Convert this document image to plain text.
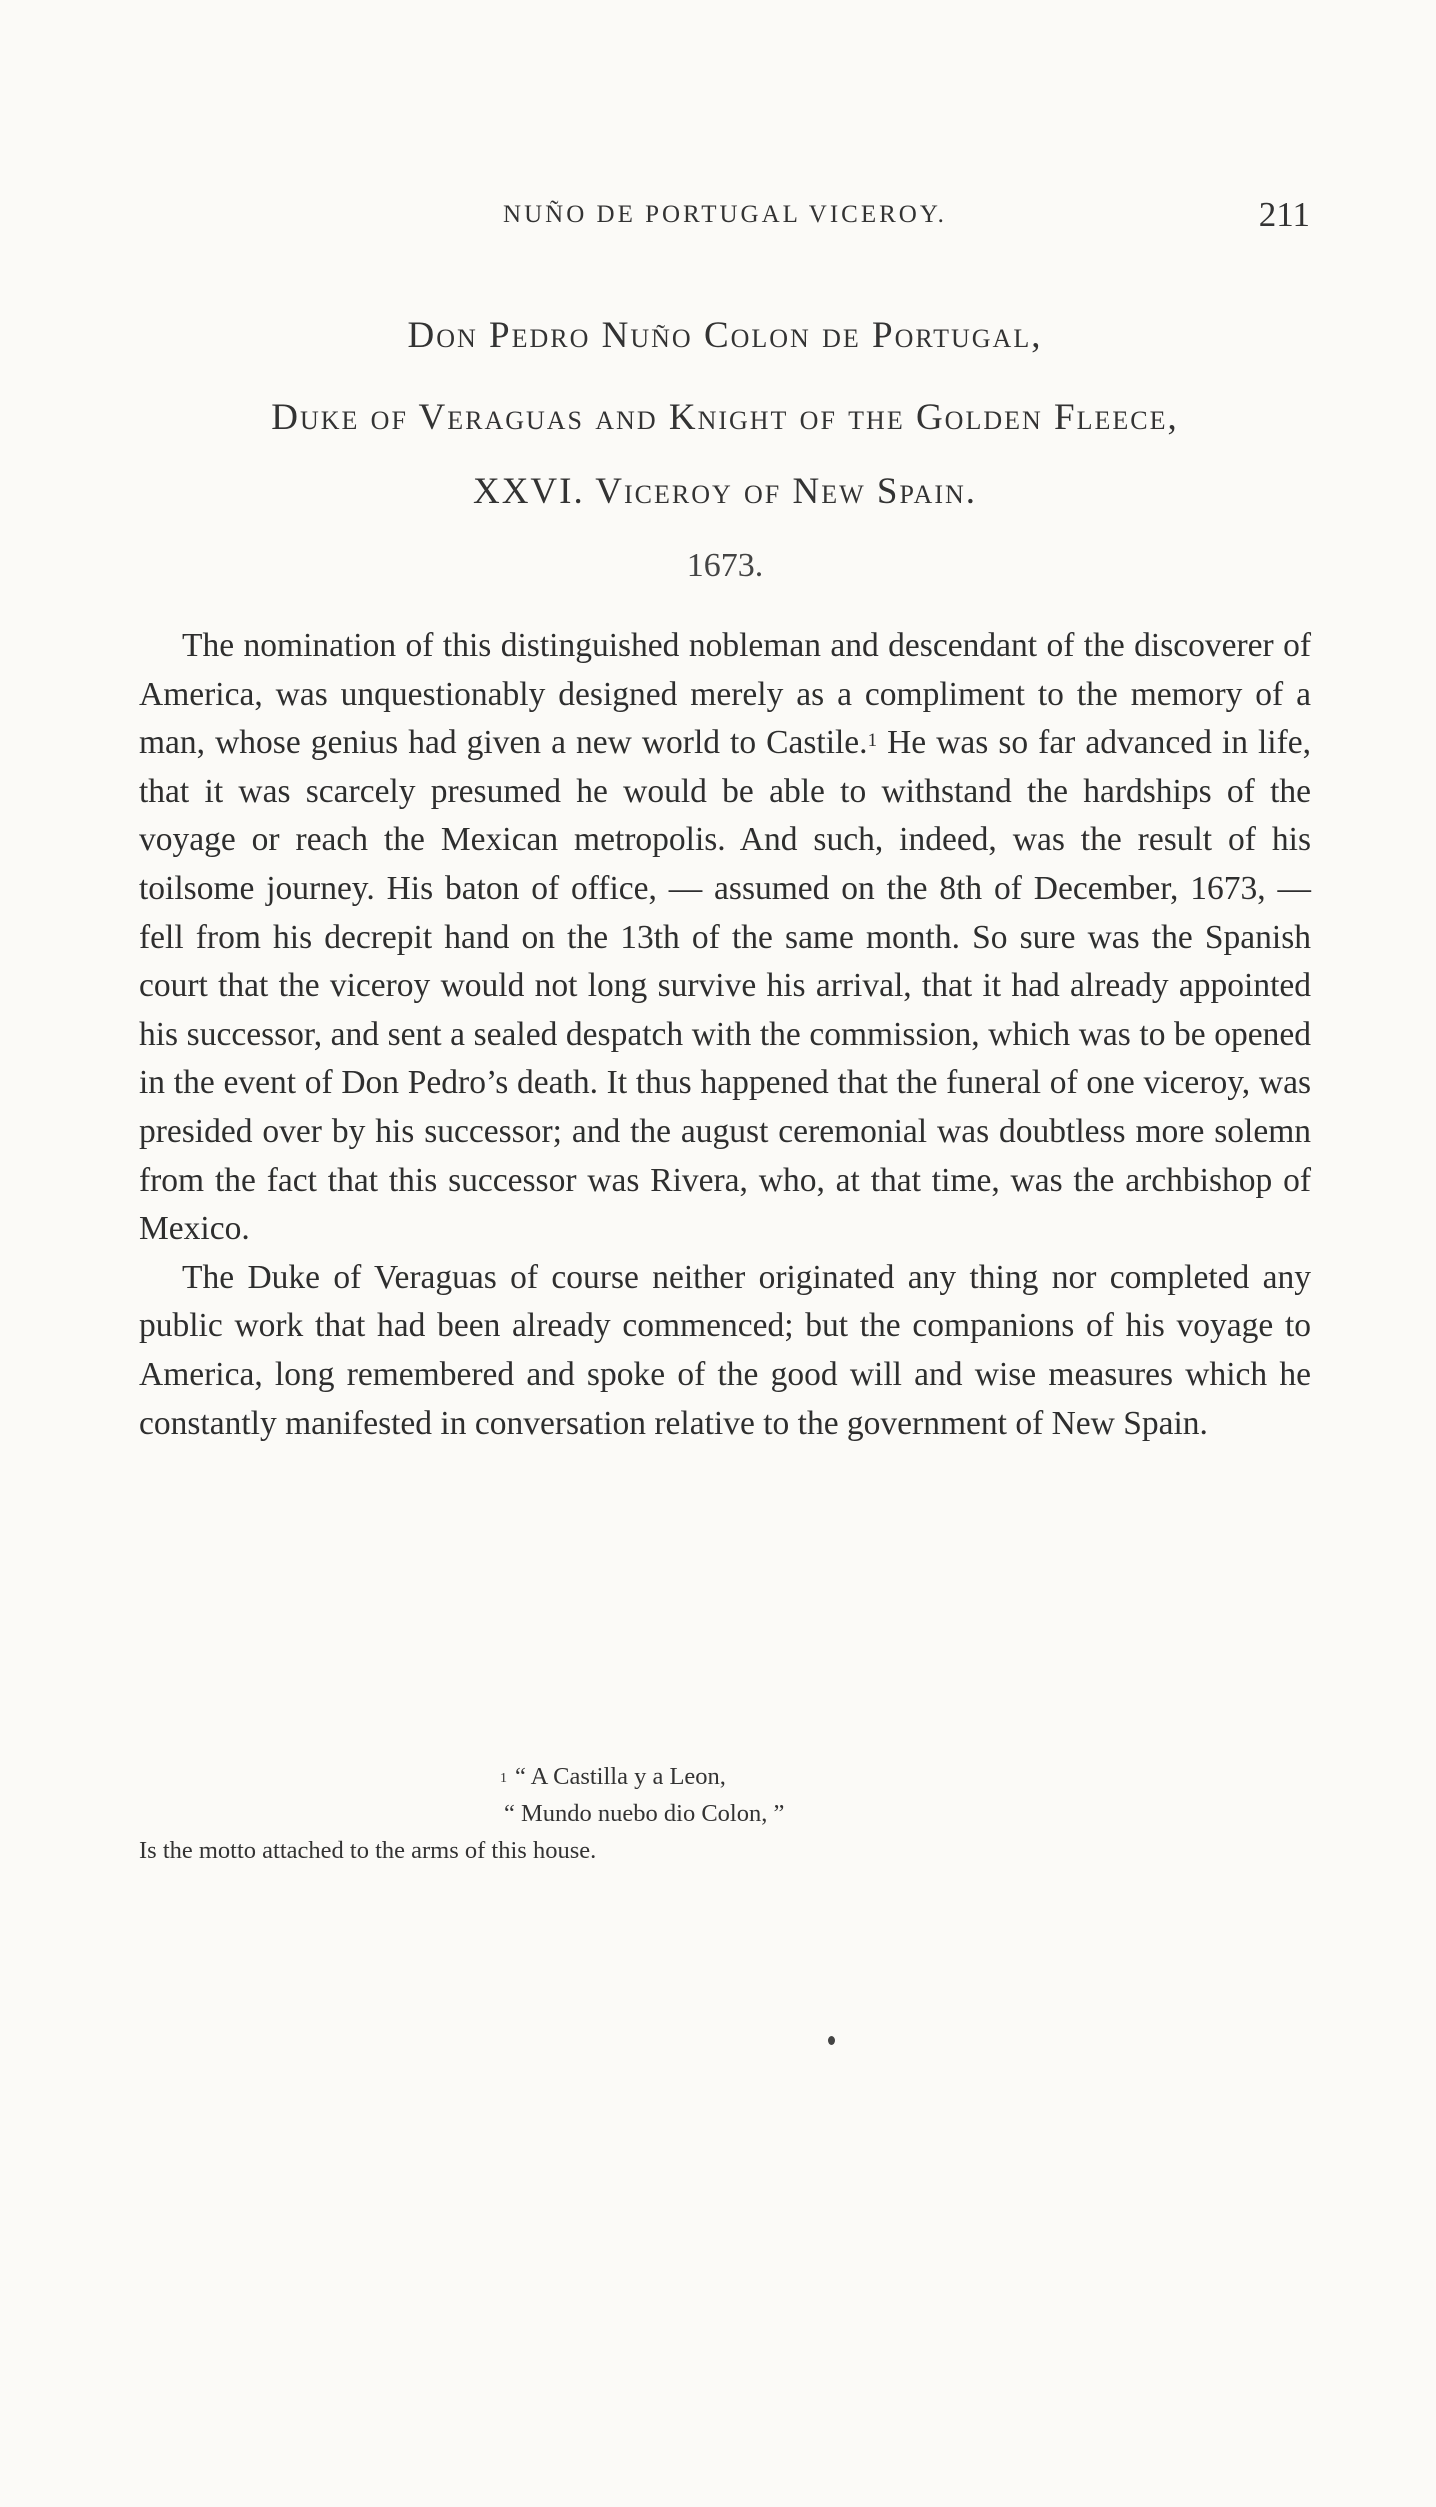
NUÑO DE PORTUGAL VICEROY.	211
Don Pedro Nuño Colon de Portugal,
Duke of Veraguas and Knight of the Golden Fleece,
XXVI. Viceroy of New Spain.
1673.

The nomination of this distinguished nobleman and descendant of the discoverer of America, was unquestionably designed merely as a compliment to the memory of a man, whose genius had given a new world to Castile.$^1$ He was so far advanced in life, that it was scarcely presumed he would be able to withstand the hardships of the voyage or reach the Mexican metropolis. And such, indeed, was the result of his toilsome journey. His baton of office, — assumed on the 8th of December, 1673, — fell from his decrepit hand on the 13th of the same month. So sure was the Spanish court that the viceroy would not long survive his arrival, that it had already appointed his successor, and sent a sealed despatch with the commission, which was to be opened in the event of Don Pedro’s death. It thus happened that the funeral of one viceroy, was presided over by his successor; and the august ceremonial was doubtless more solemn from the fact that this successor was Rivera, who, at that time, was the archbishop of Mexico.

The Duke of Veraguas of course neither originated any thing nor completed any public work that had been already commenced; but the companions of his voyage to America, long remembered and spoke of the good will and wise measures which he constantly manifested in conversation relative to the government of New Spain.

$^1$ “ A Castilla y a Leon,
“ Mundo nuebo dio Colon, ”
Is the motto attached to the arms of this house.
